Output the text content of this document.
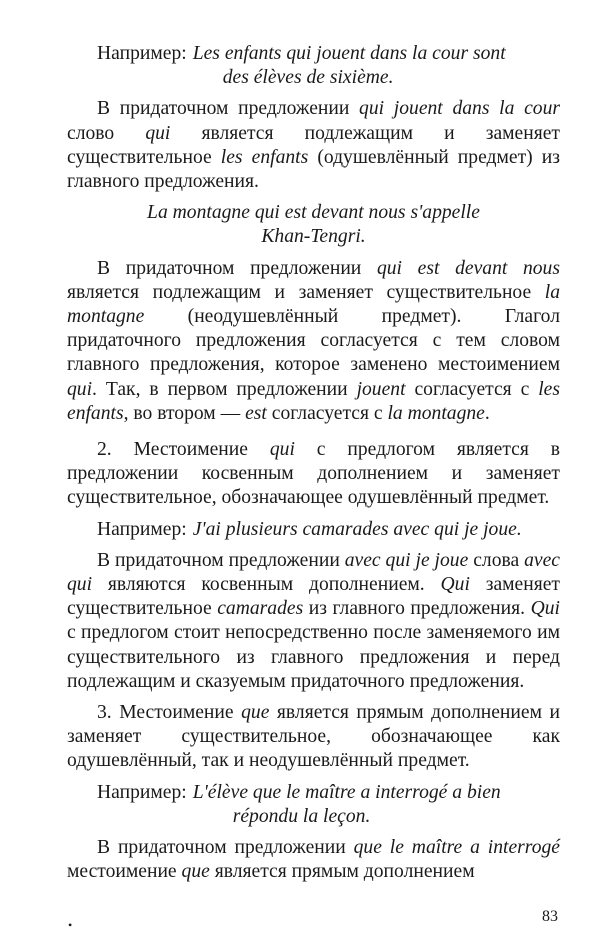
Например: Les enfants qui jouent dans la cour sont
des élèves de sixième.

В придаточном предложении qui jouent dans la cour слово qui является подлежащим и заменяет существительное les enfants (одушевлённый предмет) из главного предложения.

La montagne qui est devant nous s'appelle
Khan-Tengri.

В придаточном предложении qui est devant nous является подлежащим и заменяет существительное la montagne (неодушевлённый предмет). Глагол придаточного предложения согласуется с тем словом главного предложения, которое заменено местоимением qui. Так, в первом предложении jouent согласуется с les enfants, во втором — est согласуется с la montagne.

2. Местоимение qui с предлогом является в предложении косвенным дополнением и заменяет существительное, обозначающее одушевлённый предмет.

Например: J'ai plusieurs camarades avec qui je joue.

В придаточном предложении avec qui je joue слова avec qui являются косвенным дополнением. Qui заменяет существительное camarades из главного предложения. Qui с предлогом стоит непосредственно после заменяемого им существительного из главного предложения и перед подлежащим и сказуемым придаточного предложения.

3. Местоимение que является прямым дополнением и заменяет существительное, обозначающее как одушевлённый, так и неодушевлённый предмет.

Например: L'élève que le maître a interrogé a bien
répondu la leçon.

В придаточном предложении que le maître a interrogé местоимение que является прямым дополнением

•	83
